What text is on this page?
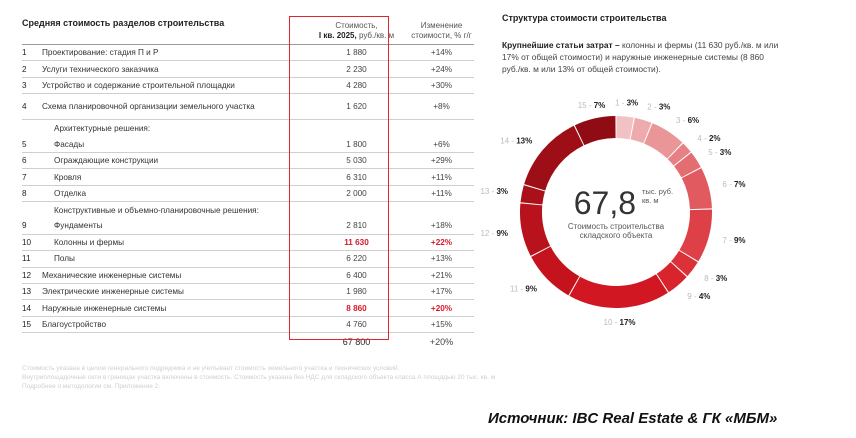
Средняя стоимость разделов строительства		Стоимость,
I кв. 2025, руб./кв. м	Изменение
стоимости, % г/г
1	Проектирование: стадия П и Р	1 880	+14%
2	Услуги технического заказчика	2 230	+24%
3	Устройство и содержание строительной площадки	4 280	+30%
4	Схема планировочной организации земельного участка	1 620	+8%
	Архитектурные решения:		
5	Фасады	1 800	+6%
6	Ограждающие конструкции	5 030	+29%
7	Кровля	6 310	+11%
8	Отделка	2 000	+11%
	Конструктивные и объемно-планировочные решения:		
9	Фундаменты	2 810	+18%
10	Колонны и фермы	11 630	+22%
11	Полы	6 220	+13%
12	Механические инженерные системы	6 400	+21%
13	Электрические инженерные системы	1 980	+17%
14	Наружные инженерные системы	8 860	+20%
15	Благоустройство	4 760	+15%
		67 800	+20%
Стоимость указана в целом генерального подрядчика и не учитывает стоимость земельного участка и технических условий.
Внутриплощадочные сети в границах участка включены в стоимость. Стоимость указана без НДС для складского объекта класса А площадью 20 тыс. кв. м
Подробнее о методологии см. Приложение 2.
Источник: IBC Real Estate & ГК «МБМ»
Структура стоимости строительства
Крупнейшие статьи затрат – колонны и фермы (11 630 руб./кв. м или 17% от общей стоимости) и наружные инженерные системы (8 860 руб./кв. м или 13% от общей стоимости).
1 - 3% 2 - 3%
3 - 6%
4 - 2%
5 - 3%
6 - 7%
7 - 9%
8 - 3%
9 - 4%
10 - 17%
11 - 9%
12 - 9%
13 - 3%
14 - 13%
15 - 7%
67,8 тыс. руб.
кв. м
Стоимость строительства
складского объекта
